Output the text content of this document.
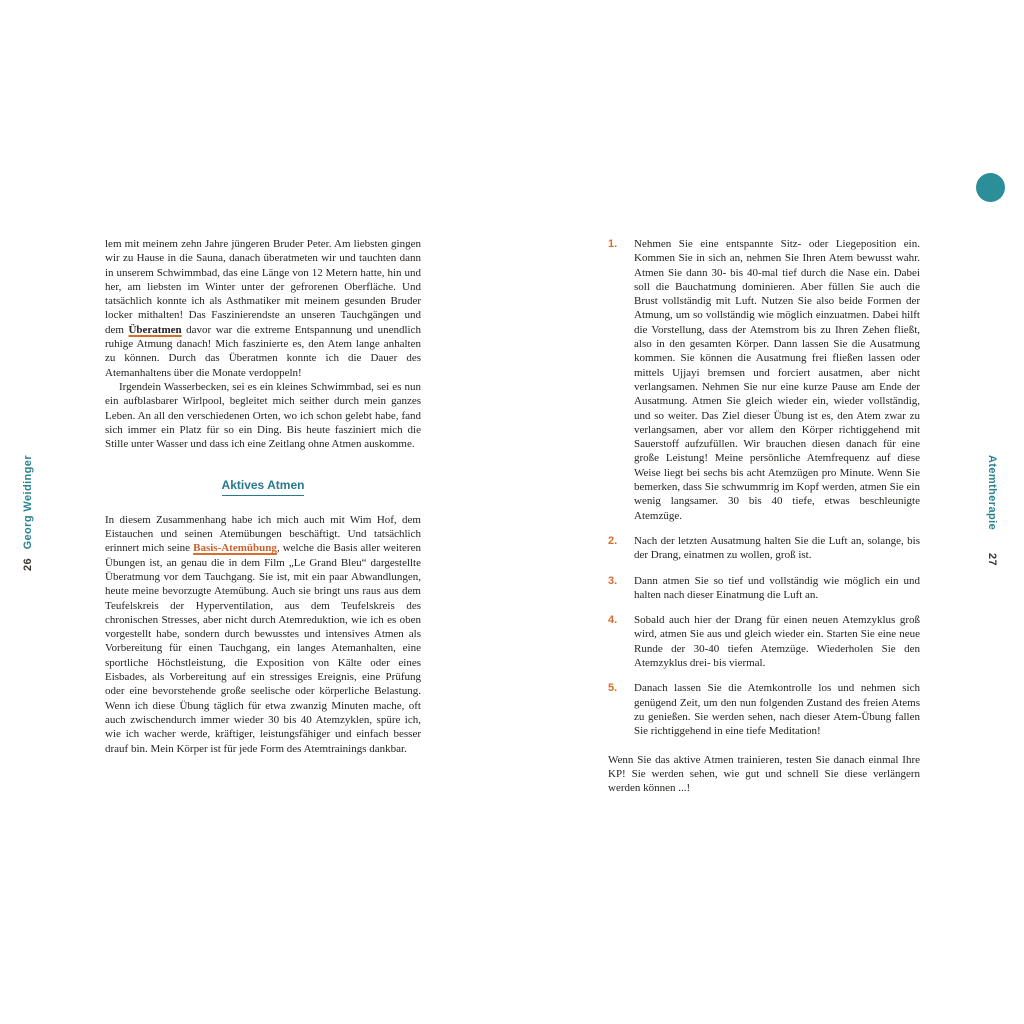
Georg Weidinger
26
Atemtherapie
27

lem mit meinem zehn Jahre jüngeren Bruder Peter. Am liebsten gingen wir zu Hause in die Sauna, danach überatmeten wir und tauchten dann in unserem Schwimmbad, das eine Länge von 12 Metern hatte, hin und her, am liebsten im Winter unter der gefrorenen Oberfläche. Und tatsächlich konnte ich als Asthmatiker mit meinem gesunden Bruder locker mithalten! Das Faszinierendste an unseren Tauchgängen und dem Überatmen davor war die extreme Entspannung und unendlich ruhige Atmung danach! Mich faszinierte es, den Atem lange anhalten zu können. Durch das Überatmen konnte ich die Dauer des Atemanhaltens über die Monate verdoppeln!

Irgendein Wasserbecken, sei es ein kleines Schwimmbad, sei es nun ein aufblasbarer Wirlpool, begleitet mich seither durch mein ganzes Leben. An all den verschiedenen Orten, wo ich schon gelebt habe, fand sich immer ein Platz für so ein Ding. Bis heute fasziniert mich die Stille unter Wasser und dass ich eine Zeitlang ohne Atmen auskomme.

Aktives Atmen

In diesem Zusammenhang habe ich mich auch mit Wim Hof, dem Eistauchen und seinen Atemübungen beschäftigt. Und tatsächlich erinnert mich seine Basis-Atemübung, welche die Basis aller weiteren Übungen ist, an genau die in dem Film „Le Grand Bleu“ dargestellte Überatmung vor dem Tauchgang. Sie ist, mit ein paar Abwandlungen, heute meine bevorzugte Atemübung. Auch sie bringt uns raus aus dem Teufelskreis der Hyperventilation, aus dem Teufelskreis des chronischen Stresses, aber nicht durch Atemreduktion, wie ich es oben vorgestellt habe, sondern durch bewusstes und intensives Atmen als Vorbereitung für einen Tauchgang, ein langes Atemanhalten, eine sportliche Höchstleistung, die Exposition von Kälte oder eines Eisbades, als Vorbereitung auf ein stressiges Ereignis, eine Prüfung oder eine bevorstehende große seelische oder körperliche Belastung. Wenn ich diese Übung täglich für etwa zwanzig Minuten mache, oft auch zwischendurch immer wieder 30 bis 40 Atemzyklen, spüre ich, wie ich wacher werde, kräftiger, leistungsfähiger und einfach besser drauf bin. Mein Körper ist für jede Form des Atemtrainings dankbar.

1.	Nehmen Sie eine entspannte Sitz- oder Liegeposition ein. Kommen Sie in sich an, nehmen Sie Ihren Atem bewusst wahr. Atmen Sie dann 30- bis 40-mal tief durch die Nase ein. Dabei soll die Bauchatmung dominieren. Aber füllen Sie auch die Brust vollständig mit Luft. Nutzen Sie also beide Formen der Atmung, um so vollständig wie möglich einzuatmen. Dabei hilft die Vorstellung, dass der Atemstrom bis zu Ihren Zehen fließt, also in den gesamten Körper. Dann lassen Sie die Ausatmung kommen. Sie können die Ausatmung frei fließen lassen oder mittels Ujjayi bremsen und forciert ausatmen, aber nicht verlangsamen. Nehmen Sie nur eine kurze Pause am Ende der Ausatmung. Atmen Sie gleich wieder ein, wieder vollständig, und so weiter. Das Ziel dieser Übung ist es, den Atem zwar zu verlangsamen, aber vor allem den Körper richtiggehend mit Sauerstoff aufzufüllen. Wir brauchen diesen danach für eine große Leistung! Meine persönliche Atemfrequenz auf diese Weise liegt bei sechs bis acht Atemzügen pro Minute. Wenn Sie bemerken, dass Sie schwummrig im Kopf werden, atmen Sie ein wenig langsamer. 30 bis 40 tiefe, etwas beschleunigte Atemzüge.
2.	Nach der letzten Ausatmung halten Sie die Luft an, solange, bis der Drang, einatmen zu wollen, groß ist.
3.	Dann atmen Sie so tief und vollständig wie möglich ein und halten nach dieser Einatmung die Luft an.
4.	Sobald auch hier der Drang für einen neuen Atemzyklus groß wird, atmen Sie aus und gleich wieder ein. Starten Sie eine neue Runde der 30-40 tiefen Atemzüge. Wiederholen Sie den Atemzyklus drei- bis viermal.
5.	Danach lassen Sie die Atemkontrolle los und nehmen sich genügend Zeit, um den nun folgenden Zustand des freien Atems zu genießen. Sie werden sehen, nach dieser Atem-Übung fallen Sie richtiggehend in eine tiefe Meditation!

Wenn Sie das aktive Atmen trainieren, testen Sie danach einmal Ihre KP! Sie werden sehen, wie gut und schnell Sie diese verlängern werden können ...!
